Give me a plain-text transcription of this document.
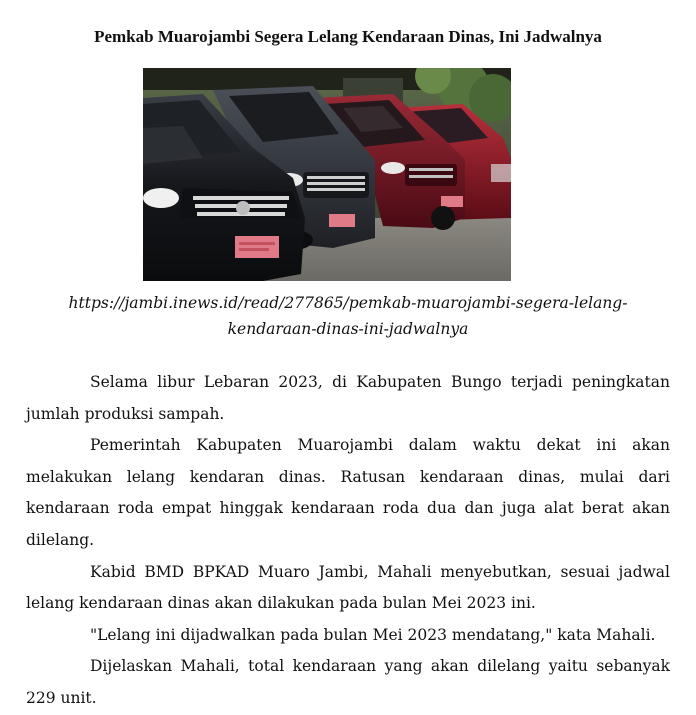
Pemkab Muarojambi Segera Lelang Kendaraan Dinas, Ini Jadwalnya
https://jambi.inews.id/read/277865/pemkab-muarojambi-segera-lelang-kendaraan-dinas-ini-jadwalnya

Selama libur Lebaran 2023, di Kabupaten Bungo terjadi peningkatan jumlah produksi sampah.

Pemerintah Kabupaten Muarojambi dalam waktu dekat ini akan melakukan lelang kendaran dinas. Ratusan kendaraan dinas, mulai dari kendaraan roda empat hinggak kendaraan roda dua dan juga alat berat akan dilelang.

Kabid BMD BPKAD Muaro Jambi, Mahali menyebutkan, sesuai jadwal lelang kendaraan dinas akan dilakukan pada bulan Mei 2023 ini.

"Lelang ini dijadwalkan pada bulan Mei 2023 mendatang," kata Mahali.

Dijelaskan Mahali, total kendaraan yang akan dilelang yaitu sebanyak 229 unit.
